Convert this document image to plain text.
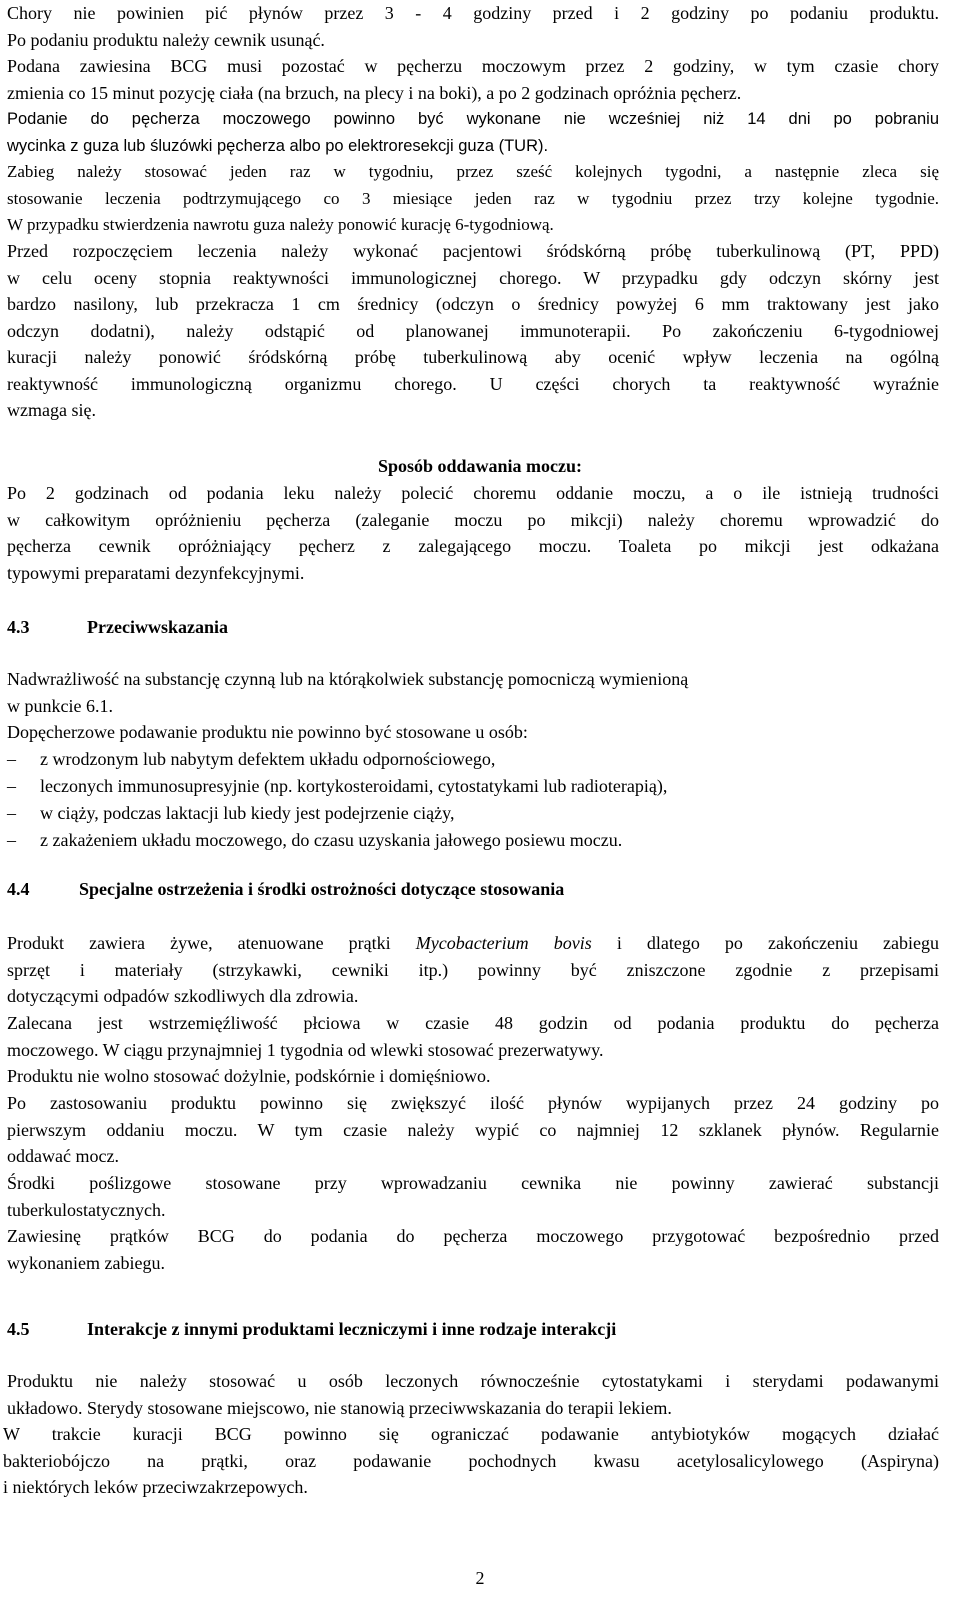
Chory nie powinien pić płynów przez 3 - 4 godziny przed i 2 godziny po podaniu produktu.
Po podaniu produktu należy cewnik usunąć.

Podana zawiesina BCG musi pozostać w pęcherzu moczowym przez 2 godziny, w tym czasie chory
zmienia co 15 minut pozycję ciała (na brzuch, na plecy i na boki), a po 2 godzinach opróżnia pęcherz.

Podanie do pęcherza moczowego powinno być wykonane nie wcześniej niż 14 dni po pobraniu
wycinka z guza lub śluzówki pęcherza albo po elektroresekcji guza (TUR).

Zabieg należy stosować jeden raz w tygodniu, przez sześć kolejnych tygodni, a następnie zleca się
stosowanie leczenia podtrzymującego co 3 miesiące jeden raz w tygodniu przez trzy kolejne tygodnie.
W przypadku stwierdzenia nawrotu guza należy ponowić kurację 6-tygodniową.

Przed rozpoczęciem leczenia należy wykonać pacjentowi śródskórną próbę tuberkulinową (PT, PPD)
w celu oceny stopnia reaktywności immunologicznej chorego. W przypadku gdy odczyn skórny jest
bardzo nasilony, lub przekracza 1 cm średnicy (odczyn o średnicy powyżej 6 mm traktowany jest jako
odczyn dodatni), należy odstąpić od planowanej immunoterapii. Po zakończeniu 6-tygodniowej
kuracji należy ponowić śródskórną próbę tuberkulinową aby ocenić wpływ leczenia na ogólną
reaktywność immunologiczną organizmu chorego. U części chorych ta reaktywność wyraźnie
wzmaga się.

Sposób oddawania moczu:

Po 2 godzinach od podania leku należy polecić choremu oddanie moczu, a o ile istnieją trudności
w całkowitym opróżnieniu pęcherza (zaleganie moczu po mikcji) należy choremu wprowadzić do
pęcherza cewnik opróżniający pęcherz z zalegającego moczu. Toaleta po mikcji jest odkażana
typowymi preparatami dezynfekcyjnymi.

4.3	Przeciwwskazania

Nadwrażliwość na substancję czynną lub na którąkolwiek substancję pomocniczą wymienioną
w punkcie 6.1.

Dopęcherzowe podawanie produktu nie powinno być stosowane u osób:

– z wrodzonym lub nabytym defektem układu odpornościowego,
– leczonych immunosupresyjnie (np. kortykosteroidami, cytostatykami lub radioterapią),
– w ciąży, podczas laktacji lub kiedy jest podejrzenie ciąży,
– z zakażeniem układu moczowego, do czasu uzyskania jałowego posiewu moczu.
4.4	Specjalne ostrzeżenia i środki ostrożności dotyczące stosowania

Produkt zawiera żywe, atenuowane prątki Mycobacterium bovis i dlatego po zakończeniu zabiegu
sprzęt i materiały (strzykawki, cewniki itp.) powinny być zniszczone zgodnie z przepisami
dotyczącymi odpadów szkodliwych dla zdrowia.

Zalecana jest wstrzemięźliwość płciowa w czasie 48 godzin od podania produktu do pęcherza
moczowego. W ciągu przynajmniej 1 tygodnia od wlewki stosować prezerwatywy.

Produktu nie wolno stosować dożylnie, podskórnie i domięśniowo.

Po zastosowaniu produktu powinno się zwiększyć ilość płynów wypijanych przez 24 godziny po
pierwszym oddaniu moczu. W tym czasie należy wypić co najmniej 12 szklanek płynów. Regularnie
oddawać mocz.

Środki poślizgowe stosowane przy wprowadzaniu cewnika nie powinny zawierać substancji
tuberkulostatycznych.

Zawiesinę prątków BCG do podania do pęcherza moczowego przygotować bezpośrednio przed
wykonaniem zabiegu.

4.5	Interakcje z innymi produktami leczniczymi i inne rodzaje interakcji

Produktu nie należy stosować u osób leczonych równocześnie cytostatykami i sterydami podawanymi
układowo. Sterydy stosowane miejscowo, nie stanowią przeciwwskazania do terapii lekiem.

W trakcie kuracji BCG powinno się ograniczać podawanie antybiotyków mogących działać
bakteriobójczo na prątki, oraz podawanie pochodnych kwasu acetylosalicylowego (Aspiryna)
i niektórych leków przeciwzakrzepowych.

2
